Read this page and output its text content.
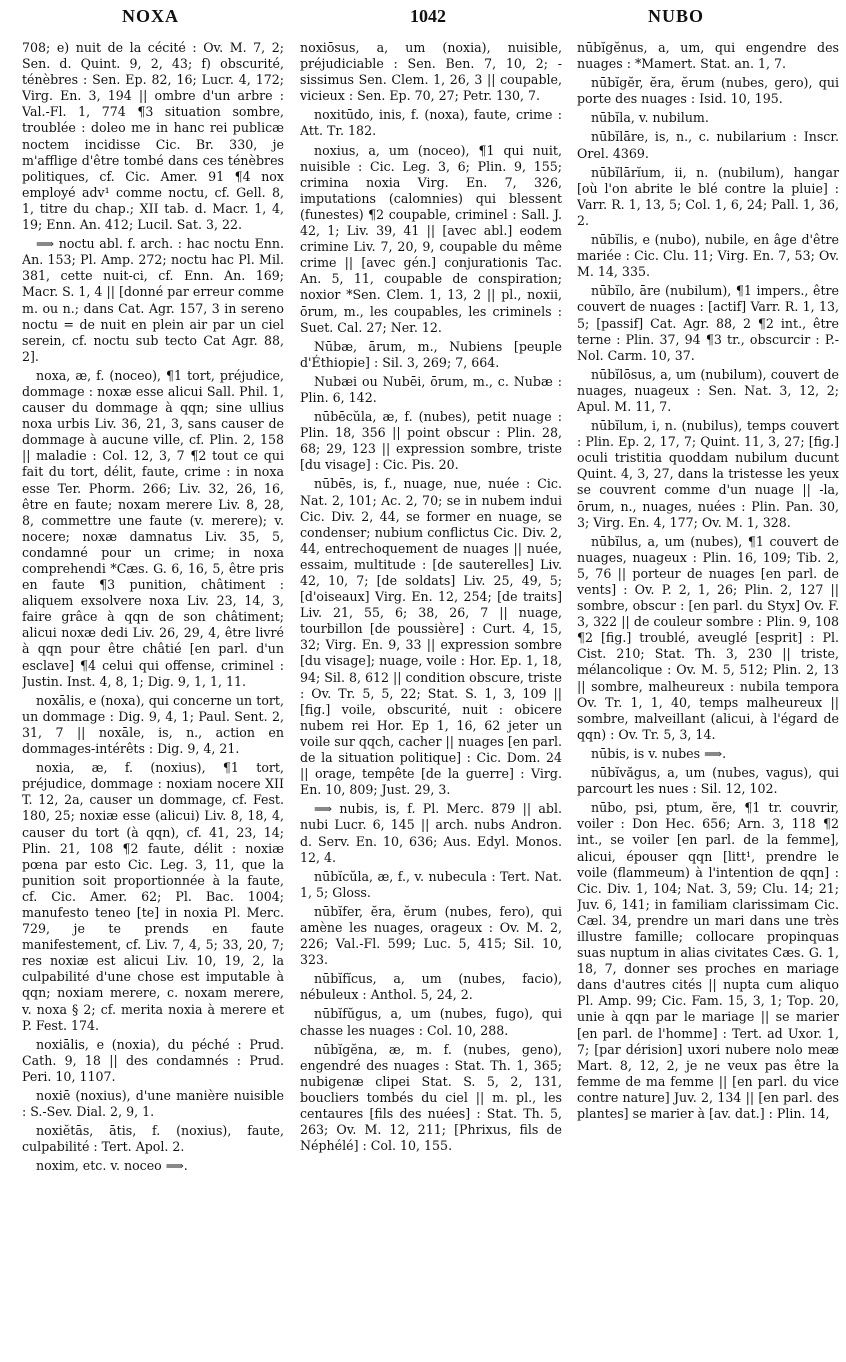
NOXA	1042	NUBO

708; e) nuit de la cécité : Ov. M. 7, 2; Sen. d. Quint. 9, 2, 43; f) obscurité, ténèbres : Sen. Ep. 82, 16; Lucr. 4, 172; Virg. En. 3, 194 || ombre d'un arbre : Val.-Fl. 1, 774 ¶3 situation sombre, troublée : doleo me in hanc rei publicæ noctem incidisse Cic. Br. 330, je m'afflige d'être tombé dans ces ténèbres politiques, cf. Cic. Amer. 91 ¶4 nox employé adv¹ comme noctu, cf. Gell. 8, 1, titre du chap.; XII tab. d. Macr. 1, 4, 19; Enn. An. 412; Lucil. Sat. 3, 22.

⟹ noctu abl. f. arch. : hac noctu Enn. An. 153; Pl. Amp. 272; noctu hac Pl. Mil. 381, cette nuit-ci, cf. Enn. An. 169; Macr. S. 1, 4 || [donné par erreur comme m. ou n.; dans Cat. Agr. 157, 3 in sereno noctu = de nuit en plein air par un ciel serein, cf. noctu sub tecto Cat Agr. 88, 2].

noxa, æ, f. (noceo), ¶1 tort, préjudice, dommage : noxæ esse alicui Sall. Phil. 1, causer du dommage à qqn; sine ullius noxa urbis Liv. 36, 21, 3, sans causer de dommage à aucune ville, cf. Plin. 2, 158 || maladie : Col. 12, 3, 7 ¶2 tout ce qui fait du tort, délit, faute, crime : in noxa esse Ter. Phorm. 266; Liv. 32, 26, 16, être en faute; noxam merere Liv. 8, 28, 8, commettre une faute (v. merere); v. nocere; noxæ damnatus Liv. 35, 5, condamné pour un crime; in noxa comprehendi *Cæs. G. 6, 16, 5, être pris en faute ¶3 punition, châtiment : aliquem exsolvere noxa Liv. 23, 14, 3, faire grâce à qqn de son châtiment; alicui noxæ dedi Liv. 26, 29, 4, être livré à qqn pour être châtié [en parl. d'un esclave] ¶4 celui qui offense, criminel : Justin. Inst. 4, 8, 1; Dig. 9, 1, 1, 11.

noxālis, e (noxa), qui concerne un tort, un dommage : Dig. 9, 4, 1; Paul. Sent. 2, 31, 7 || noxāle, is, n., action en dommages-intérêts : Dig. 9, 4, 21.

noxia, æ, f. (noxius), ¶1 tort, préjudice, dommage : noxiam nocere XII T. 12, 2a, causer un dommage, cf. Fest. 180, 25; noxiæ esse (alicui) Liv. 8, 18, 4, causer du tort (à qqn), cf. 41, 23, 14; Plin. 21, 108 ¶2 faute, délit : noxiæ pœna par esto Cic. Leg. 3, 11, que la punition soit proportionnée à la faute, cf. Cic. Amer. 62; Pl. Bac. 1004; manufesto teneo [te] in noxia Pl. Merc. 729, je te prends en faute manifestement, cf. Liv. 7, 4, 5; 33, 20, 7; res noxiæ est alicui Liv. 10, 19, 2, la culpabilité d'une chose est imputable à qqn; noxiam merere, c. noxam merere, v. noxa § 2; cf. merita noxia à merere et P. Fest. 174.

noxiālis, e (noxia), du péché : Prud. Cath. 9, 18 || des condamnés : Prud. Peri. 10, 1107.

noxiē (noxius), d'une manière nuisible : S.-Sev. Dial. 2, 9, 1.

noxiĕtās, ātis, f. (noxius), faute, culpabilité : Tert. Apol. 2.

noxim, etc. v. noceo ⟹.

noxiōsus, a, um (noxia), nuisible, préjudiciable : Sen. Ben. 7, 10, 2; -sissimus Sen. Clem. 1, 26, 3 || coupable, vicieux : Sen. Ep. 70, 27; Petr. 130, 7.

noxitūdo, inis, f. (noxa), faute, crime : Att. Tr. 182.

noxius, a, um (noceo), ¶1 qui nuit, nuisible : Cic. Leg. 3, 6; Plin. 9, 155; crimina noxia Virg. En. 7, 326, imputations (calomnies) qui blessent (funestes) ¶2 coupable, criminel : Sall. J. 42, 1; Liv. 39, 41 || [avec abl.] eodem crimine Liv. 7, 20, 9, coupable du même crime || [avec gén.] conjurationis Tac. An. 5, 11, coupable de conspiration; noxior *Sen. Clem. 1, 13, 2 || pl., noxii, ōrum, m., les coupables, les criminels : Suet. Cal. 27; Ner. 12.

Nūbæ, ārum, m., Nubiens [peuple d'Éthiopie] : Sil. 3, 269; 7, 664.

Nubæi ou Nubēi, ōrum, m., c. Nubæ : Plin. 6, 142.

nūbēcŭla, æ, f. (nubes), petit nuage : Plin. 18, 356 || point obscur : Plin. 28, 68; 29, 123 || expression sombre, triste [du visage] : Cic. Pis. 20.

nūbēs, is, f., nuage, nue, nuée : Cic. Nat. 2, 101; Ac. 2, 70; se in nubem indui Cic. Div. 2, 44, se former en nuage, se condenser; nubium conflictus Cic. Div. 2, 44, entrechoquement de nuages || nuée, essaim, multitude : [de sauterelles] Liv. 42, 10, 7; [de soldats] Liv. 25, 49, 5; [d'oiseaux] Virg. En. 12, 254; [de traits] Liv. 21, 55, 6; 38, 26, 7 || nuage, tourbillon [de poussière] : Curt. 4, 15, 32; Virg. En. 9, 33 || expression sombre [du visage]; nuage, voile : Hor. Ep. 1, 18, 94; Sil. 8, 612 || condition obscure, triste : Ov. Tr. 5, 5, 22; Stat. S. 1, 3, 109 || [fig.] voile, obscurité, nuit : obicere nubem rei Hor. Ep 1, 16, 62 jeter un voile sur qqch, cacher || nuages [en parl. de la situation politique] : Cic. Dom. 24 || orage, tempête [de la guerre] : Virg. En. 10, 809; Just. 29, 3.

⟹ nubis, is, f. Pl. Merc. 879 || abl. nubi Lucr. 6, 145 || arch. nubs Andron. d. Serv. En. 10, 636; Aus. Edyl. Monos. 12, 4.

nūbĭcŭla, æ, f., v. nubecula : Tert. Nat. 1, 5; Gloss.

nūbĭfer, ĕra, ĕrum (nubes, fero), qui amène les nuages, orageux : Ov. M. 2, 226; Val.-Fl. 599; Luc. 5, 415; Sil. 10, 323.

nūbĭfĭcus, a, um (nubes, facio), nébuleux : Anthol. 5, 24, 2.

nūbĭfŭgus, a, um (nubes, fugo), qui chasse les nuages : Col. 10, 288.

nūbĭgĕna, æ, m. f. (nubes, geno), engendré des nuages : Stat. Th. 1, 365; nubigenæ clipei Stat. S. 5, 2, 131, boucliers tombés du ciel || m. pl., les centaures [fils des nuées] : Stat. Th. 5, 263; Ov. M. 12, 211; [Phrixus, fils de Néphélé] : Col. 10, 155.

nūbĭgĕnus, a, um, qui engendre des nuages : *Mamert. Stat. an. 1, 7.

nūbĭgĕr, ĕra, ĕrum (nubes, gero), qui porte des nuages : Isid. 10, 195.

nūbĭla, v. nubilum.

nūbĭlāre, is, n., c. nubilarium : Inscr. Orel. 4369.

nūbĭlārĭum, ii, n. (nubilum), hangar [où l'on abrite le blé contre la pluie] : Varr. R. 1, 13, 5; Col. 1, 6, 24; Pall. 1, 36, 2.

nūbĭlis, e (nubo), nubile, en âge d'être mariée : Cic. Clu. 11; Virg. En. 7, 53; Ov. M. 14, 335.

nūbĭlo, āre (nubilum), ¶1 impers., être couvert de nuages : [actif] Varr. R. 1, 13, 5; [passif] Cat. Agr. 88, 2 ¶2 int., être terne : Plin. 37, 94 ¶3 tr., obscurcir : P.-Nol. Carm. 10, 37.

nūbĭlōsus, a, um (nubilum), couvert de nuages, nuageux : Sen. Nat. 3, 12, 2; Apul. M. 11, 7.

nūbĭlum, i, n. (nubilus), temps couvert : Plin. Ep. 2, 17, 7; Quint. 11, 3, 27; [fig.] oculi tristitia quoddam nubilum ducunt Quint. 4, 3, 27, dans la tristesse les yeux se couvrent comme d'un nuage || -la, ōrum, n., nuages, nuées : Plin. Pan. 30, 3; Virg. En. 4, 177; Ov. M. 1, 328.

nūbĭlus, a, um (nubes), ¶1 couvert de nuages, nuageux : Plin. 16, 109; Tib. 2, 5, 76 || porteur de nuages [en parl. de vents] : Ov. P. 2, 1, 26; Plin. 2, 127 || sombre, obscur : [en parl. du Styx] Ov. F. 3, 322 || de couleur sombre : Plin. 9, 108 ¶2 [fig.] troublé, aveuglé [esprit] : Pl. Cist. 210; Stat. Th. 3, 230 || triste, mélancolique : Ov. M. 5, 512; Plin. 2, 13 || sombre, malheureux : nubila tempora Ov. Tr. 1, 1, 40, temps malheureux || sombre, malveillant (alicui, à l'égard de qqn) : Ov. Tr. 5, 3, 14.

nūbis, is v. nubes ⟹.

nūbĭvăgus, a, um (nubes, vagus), qui parcourt les nues : Sil. 12, 102.

nūbo, psi, ptum, ĕre, ¶1 tr. couvrir, voiler : Don Hec. 656; Arn. 3, 118 ¶2 int., se voiler [en parl. de la femme], alicui, épouser qqn [litt¹, prendre le voile (flammeum) à l'intention de qqn] : Cic. Div. 1, 104; Nat. 3, 59; Clu. 14; 21; Juv. 6, 141; in familiam clarissimam Cic. Cæl. 34, prendre un mari dans une très illustre famille; collocare propinquas suas nuptum in alias civitates Cæs. G. 1, 18, 7, donner ses proches en mariage dans d'autres cités || nupta cum aliquo Pl. Amp. 99; Cic. Fam. 15, 3, 1; Top. 20, unie à qqn par le mariage || se marier [en parl. de l'homme] : Tert. ad Uxor. 1, 7; [par dérision] uxori nubere nolo meæ Mart. 8, 12, 2, je ne veux pas être la femme de ma femme || [en parl. du vice contre nature] Juv. 2, 134 || [en parl. des plantes] se marier à [av. dat.] : Plin. 14,
